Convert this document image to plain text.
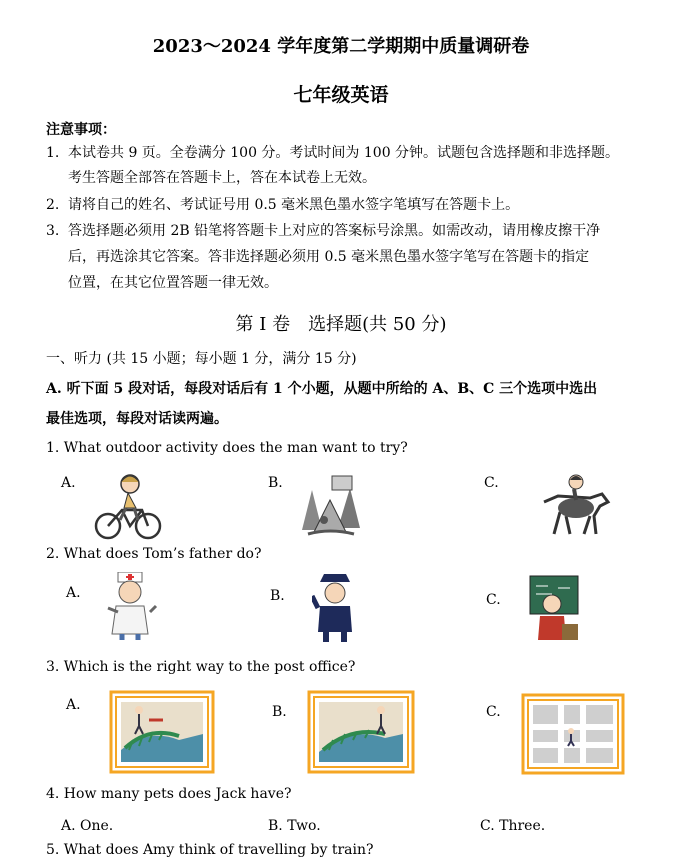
2023～2024 学年度第二学期期中质量调研卷
七年级英语
注意事项：
1. 本试卷共 9 页。全卷满分 100 分。考试时间为 100 分钟。试题包含选择题和非选择题。
考生答题全部答在答题卡上，答在本试卷上无效。
2. 请将自己的姓名、考试证号用 0.5 毫米黑色墨水签字笔填写在答题卡上。
3. 答选择题必须用 2B 铅笔将答题卡上对应的答案标号涂黑。如需改动，请用橡皮擦干净
后，再选涂其它答案。答非选择题必须用 0.5 毫米黑色墨水签字笔写在答题卡的指定
位置，在其它位置答题一律无效。
第 I 卷　选择题(共 50 分)
一、听力 (共 15 小题；每小题 1 分，满分 15 分)
A. 听下面 5 段对话，每段对话后有 1 个小题，从题中所给的 A、B、C 三个选项中选出
最佳选项，每段对话读两遍。
1. What outdoor activity does the man want to try?
A.	B.	C.
2. What does Tom’s father do?
A.	B.	C.
3. Which is the right way to the post office?
A.	B.	C.
4. How many pets does Jack have?
A. One.	B. Two.	C. Three.
5. What does Amy think of travelling by train?
